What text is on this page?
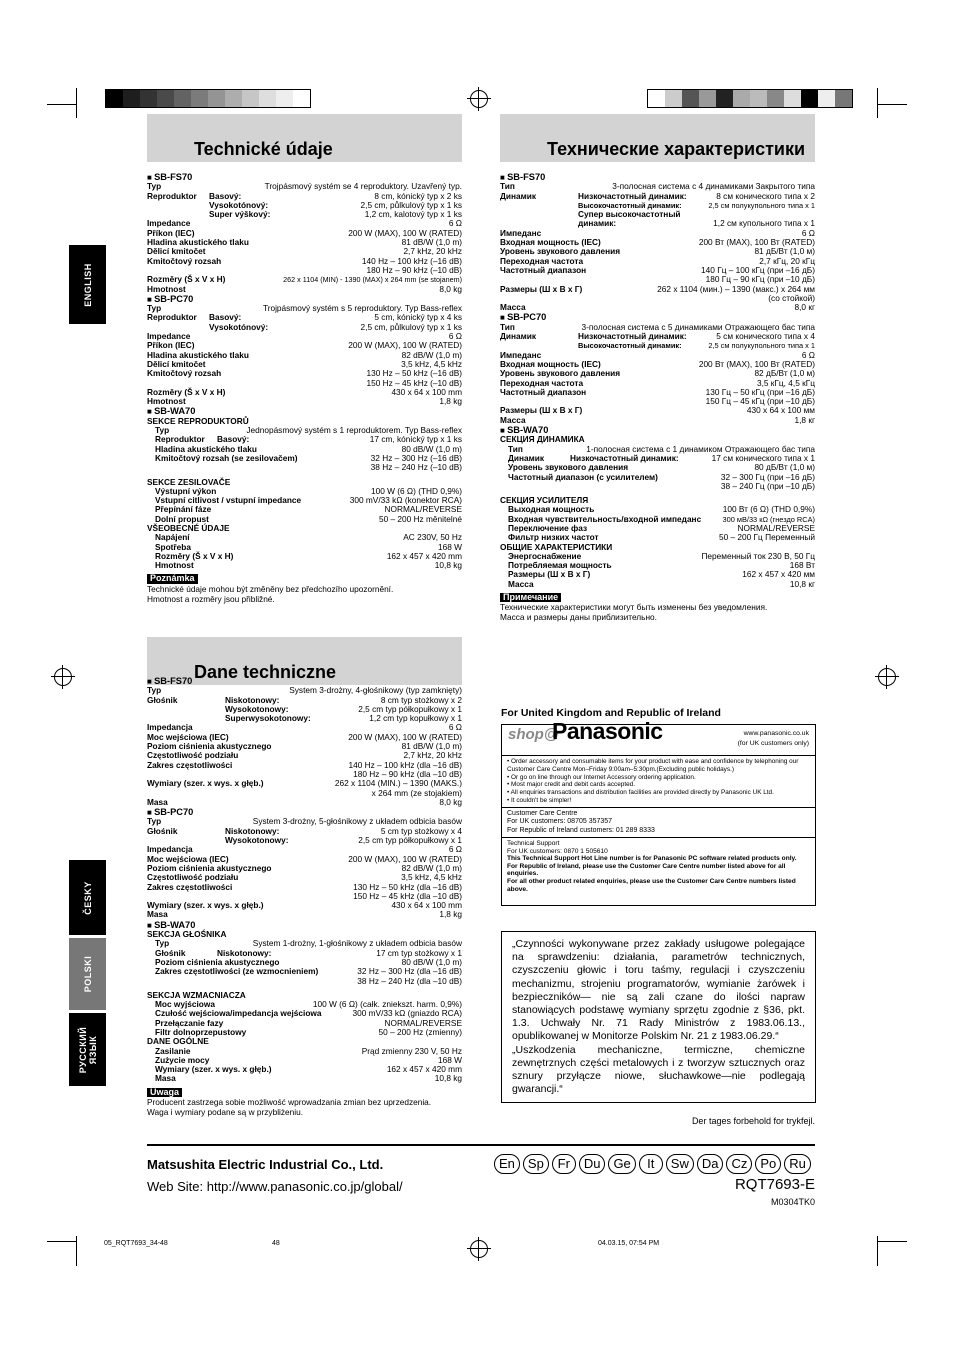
ENGLISH
ČESKY
POLSKI
РУССКИЙ ЯЗЫК
Technické údaje	Технические характеристики
Dane techniczne
■ SB-FS70
Typ	Trojpásmový systém se 4 reproduktory. Uzavřený typ.
Reproduktor	Basový:	8 cm, kónický typ x 2 ks
Vysokotónový:	2,5 cm, půlkulový typ x 1 ks
Super výškový:	1,2 cm, kalotový typ x 1 ks
Impedance	6 Ω
Příkon (IEC)	200 W (MAX), 100 W (RATED)
Hladina akustického tlaku	81 dB/W (1,0 m)
Dělicí kmitočet	2,7 kHz, 20 kHz
Kmitočtový rozsah	140 Hz – 100 kHz (–16 dB)
180 Hz – 90 kHz (–10 dB)
Rozměry (Š x V x H)	262 x 1104 (MIN) - 1390 (MAX) x 264 mm (se stojanem)
Hmotnost	8,0 kg
■ SB-PC70
Typ	Trojpásmový systém s 5 reproduktory. Typ Bass-reflex
Reproduktor	Basový:	5 cm, kónický typ x 4 ks
Vysokotónový:	2,5 cm, půlkulový typ x 1 ks
Impedance	6 Ω
Příkon (IEC)	200 W (MAX), 100 W (RATED)
Hladina akustického tlaku	82 dB/W (1,0 m)
Dělicí kmitočet	3,5 kHz, 4,5 kHz
Kmitočtový rozsah	130 Hz – 50 kHz (–16 dB)
150 Hz – 45 kHz (–10 dB)
Rozměry (Š x V x H)	430 x 64 x 100 mm
Hmotnost	1,8 kg
■ SB-WA70
SEKCE REPRODUKTORŮ
Typ	Jednopásmový systém s 1 reproduktorem. Typ Bass-reflex
Reproduktor	Basový:	17 cm, kónický typ x 1 ks
Hladina akustického tlaku	80 dB/W (1,0 m)
Kmitočtový rozsah (se zesilovačem)	32 Hz – 300 Hz (–16 dB)
38 Hz – 240 Hz (–10 dB)
SEKCE ZESILOVAČE
Výstupní výkon	100 W (6 Ω) (THD 0,9%)
Vstupní citlivost / vstupní impedance	300 mV/33 kΩ (konektor RCA)
Přepínání fáze	NORMAL/REVERSE
Dolní propust	50 – 200 Hz měnitelné
VŠEOBECNÉ ÚDAJE
Napájení	AC 230V, 50 Hz
Spotřeba	168 W
Rozměry (Š x V x H)	162 x 457 x 420 mm
Hmotnost	10,8 kg
Poznámka
Technické údaje mohou být změněny bez předchozího upozornění.
Hmotnost a rozměry jsou přibližné.
■ SB-FS70
Тип	3-полосная система с 4 динамиками Закрытого типа
Динамик	Низкочастотный динамик:	8 см конического типа x 2
Высокочастотный динамик:	2,5 см полукупольного типа x 1
Супер высокочастотный
динамик:	1,2 см купольного типа x 1
Импеданс	6 Ω
Входная мощность (IEC)	200 Вт (MAX), 100 Вт (RATED)
Уровень звукового давления	81 дБ/Вт (1,0 м)
Переходная частота	2,7 кГц, 20 кГц
Частотный диапазон	140 Гц – 100 кГц (при –16 дБ)
180 Гц – 90 кГц (при –10 дБ)
Размеры (Ш x В x Г)	262 x 1104 (мин.) – 1390 (макс.) x 264 мм
(со стойкой)
Масса	8,0 кг
■ SB-PC70
Тип	3-полосная система с 5 динамиками Отражающего бас типа
Динамик	Низкочастотный динамик:	5 см конического типа x 4
Высокочастотный динамик:	2,5 см полукупольного типа x 1
Импеданс	6 Ω
Входная мощность (IEC)	200 Вт (MAX), 100 Вт (RATED)
Уровень звукового давления	82 дБ/Вт (1,0 м)
Переходная частота	3,5 кГц, 4,5 кГц
Частотный диапазон	130 Гц – 50 кГц (при –16 дБ)
150 Гц – 45 кГц (при –10 дБ)
Размеры (Ш x В x Г)	430 x 64 x 100 мм
Масса	1,8 кг
■ SB-WA70
СЕКЦИЯ ДИНАМИКА
Тип	1-полосная система с 1 динамиком Отражающего бас типа
Динамик	Низкочастотный динамик:	17 см конического типа x 1
Уровень звукового давления	80 дБ/Вт (1,0 м)
Частотный диапазон (с усилителем)	32 – 300 Гц (при –16 дБ)
38 – 240 Гц (при –10 дБ)
СЕКЦИЯ УСИЛИТЕЛЯ
Выходная мощность	100 Вт (6 Ω) (THD 0,9%)
Входная чувствительность/входной импеданс	300 мВ/33 кΩ (гнездо RCA)
Переключение фаз	NORMAL/REVERSE
Фильтр низких частот	50 – 200 Гц Переменный
ОБЩИЕ ХАРАКТЕРИСТИКИ
Энергоснабжение	Переменный ток 230 В, 50 Гц
Потребляемая мощность	168 Вт
Размеры (Ш x В x Г)	162 x 457 x 420 мм
Масса	10,8 кг
Примечание
Технические характеристики могут быть изменены без уведомления.
Масса и размеры даны приблизительно.
■ SB-FS70
Typ	System 3-drożny, 4-głośnikowy (typ zamknięty)
Głośnik	Niskotonowy:	8 cm typ stożkowy x 2
Wysokotonowy:	2,5 cm typ półkopułkowy x 1
Superwysokotonowy:	1,2 cm typ kopułkowy x 1
Impedancja	6 Ω
Moc wejściowa (IEC)	200 W (MAX), 100 W (RATED)
Poziom ciśnienia akustycznego	81 dB/W (1,0 m)
Częstotliwość podziału	2,7 kHz, 20 kHz
Zakres częstotliwości	140 Hz – 100 kHz (dla –16 dB)
180 Hz – 90 kHz (dla –10 dB)
Wymiary (szer. x wys. x głęb.)	262 x 1104 (MIN.) – 1390 (MAKS.)
x 264 mm (ze stojakiem)
Masa	8,0 kg
■ SB-PC70
Typ	System 3-drożny, 5-głośnikowy z układem odbicia basów
Głośnik	Niskotonowy:	5 cm typ stożkowy x 4
Wysokotonowy:	2,5 cm typ półkopułkowy x 1
Impedancja	6 Ω
Moc wejściowa (IEC)	200 W (MAX), 100 W (RATED)
Poziom ciśnienia akustycznego	82 dB/W (1,0 m)
Częstotliwość podziału	3,5 kHz, 4,5 kHz
Zakres częstotliwości	130 Hz – 50 kHz (dla –16 dB)
150 Hz – 45 kHz (dla –10 dB)
Wymiary (szer. x wys. x głęb.)	430 x 64 x 100 mm
Masa	1,8 kg
■ SB-WA70
SEKCJA GŁOŚNIKA
Typ	System 1-drożny, 1-głośnikowy z układem odbicia basów
Głośnik	Niskotonowy:	17 cm typ stożkowy x 1
Poziom ciśnienia akustycznego	80 dB/W (1,0 m)
Zakres częstotliwości (ze wzmocnieniem)	32 Hz – 300 Hz (dla –16 dB)
38 Hz – 240 Hz (dla –10 dB)
SEKCJA WZMACNIACZA
Moc wyjściowa	100 W (6 Ω) (całk. zniekszt. harm. 0,9%)
Czułość wejściowa/impedancja wejściowa	300 mV/33 kΩ (gniazdo RCA)
Przełączanie fazy	NORMAL/REVERSE
Filtr dolnoprzepustowy	50 – 200 Hz (zmienny)
DANE OGÓLNE
Zasilanie	Prąd zmienny 230 V, 50 Hz
Zużycie mocy	168 W
Wymiary (szer. x wys. x głęb.)	162 x 457 x 420 mm
Masa	10,8 kg
Uwaga
Producent zastrzega sobie możliwość wprowadzania zmian bez uprzedzenia.
Waga i wymiary podane są w przybliżeniu.
For United Kingdom and Republic of Ireland
shop@
Panasonic	www.panasonic.co.uk
(for UK customers only)
• Order accessory and consumable items for your product with ease and confidence by telephoning our Customer Care Centre Mon–Friday 9:00am–5:30pm.(Excluding public holidays.)
• Or go on line through our Internet Accessory ordering application.
• Most major credit and debit cards accepted.
• All enquiries transactions and distribution facilities are provided directly by Panasonic UK Ltd.
• It couldn't be simpler!
Customer Care Centre
For UK customers: 08705 357357
For Republic of Ireland customers: 01 289 8333
Technical Support
For UK customers: 0870 1 505610
This Technical Support Hot Line number is for Panasonic PC software related products only.
For Republic of Ireland, please use the Customer Care Centre number listed above for all enquiries.
For all other product related enquiries, please use the Customer Care Centre numbers listed above.

„Czynności wykonywane przez zakłady usługowe polegające na sprawdzeniu: działania, parametrów technicznych, czyszczeniu głowic i toru taśmy, regulacji i czyszczeniu mechanizmu, strojeniu programatorów, wymianie żarówek i bezpieczników— nie są zali czane do ilości napraw stanowiących podstawę wymiany sprzętu zgodnie z §36, pkt. 1.3. Uchwały Nr. 71 Rady Ministrów z 1983.06.13., opublikowanej w Monitorze Polskim Nr. 21 z 1983.06.29.“

„Uszkodzenia mechaniczne, termiczne, chemiczne zewnętrznych części metalowych i z tworzyw sztucznych oraz sznury przyłącze niowe, słuchawkowe—nie podlegają gwarancji.“

Der tages forbehold for trykfejl.
Matsushita Electric Industrial Co., Ltd.
Web Site: http://www.panasonic.co.jp/global/
En	Sp	Fr	Du	Ge	It	Sw	Da	Cz	Po	Ru
RQT7693-E
M0304TK0
05_RQT7693_34-48	48	04.03.15, 07:54 PM
